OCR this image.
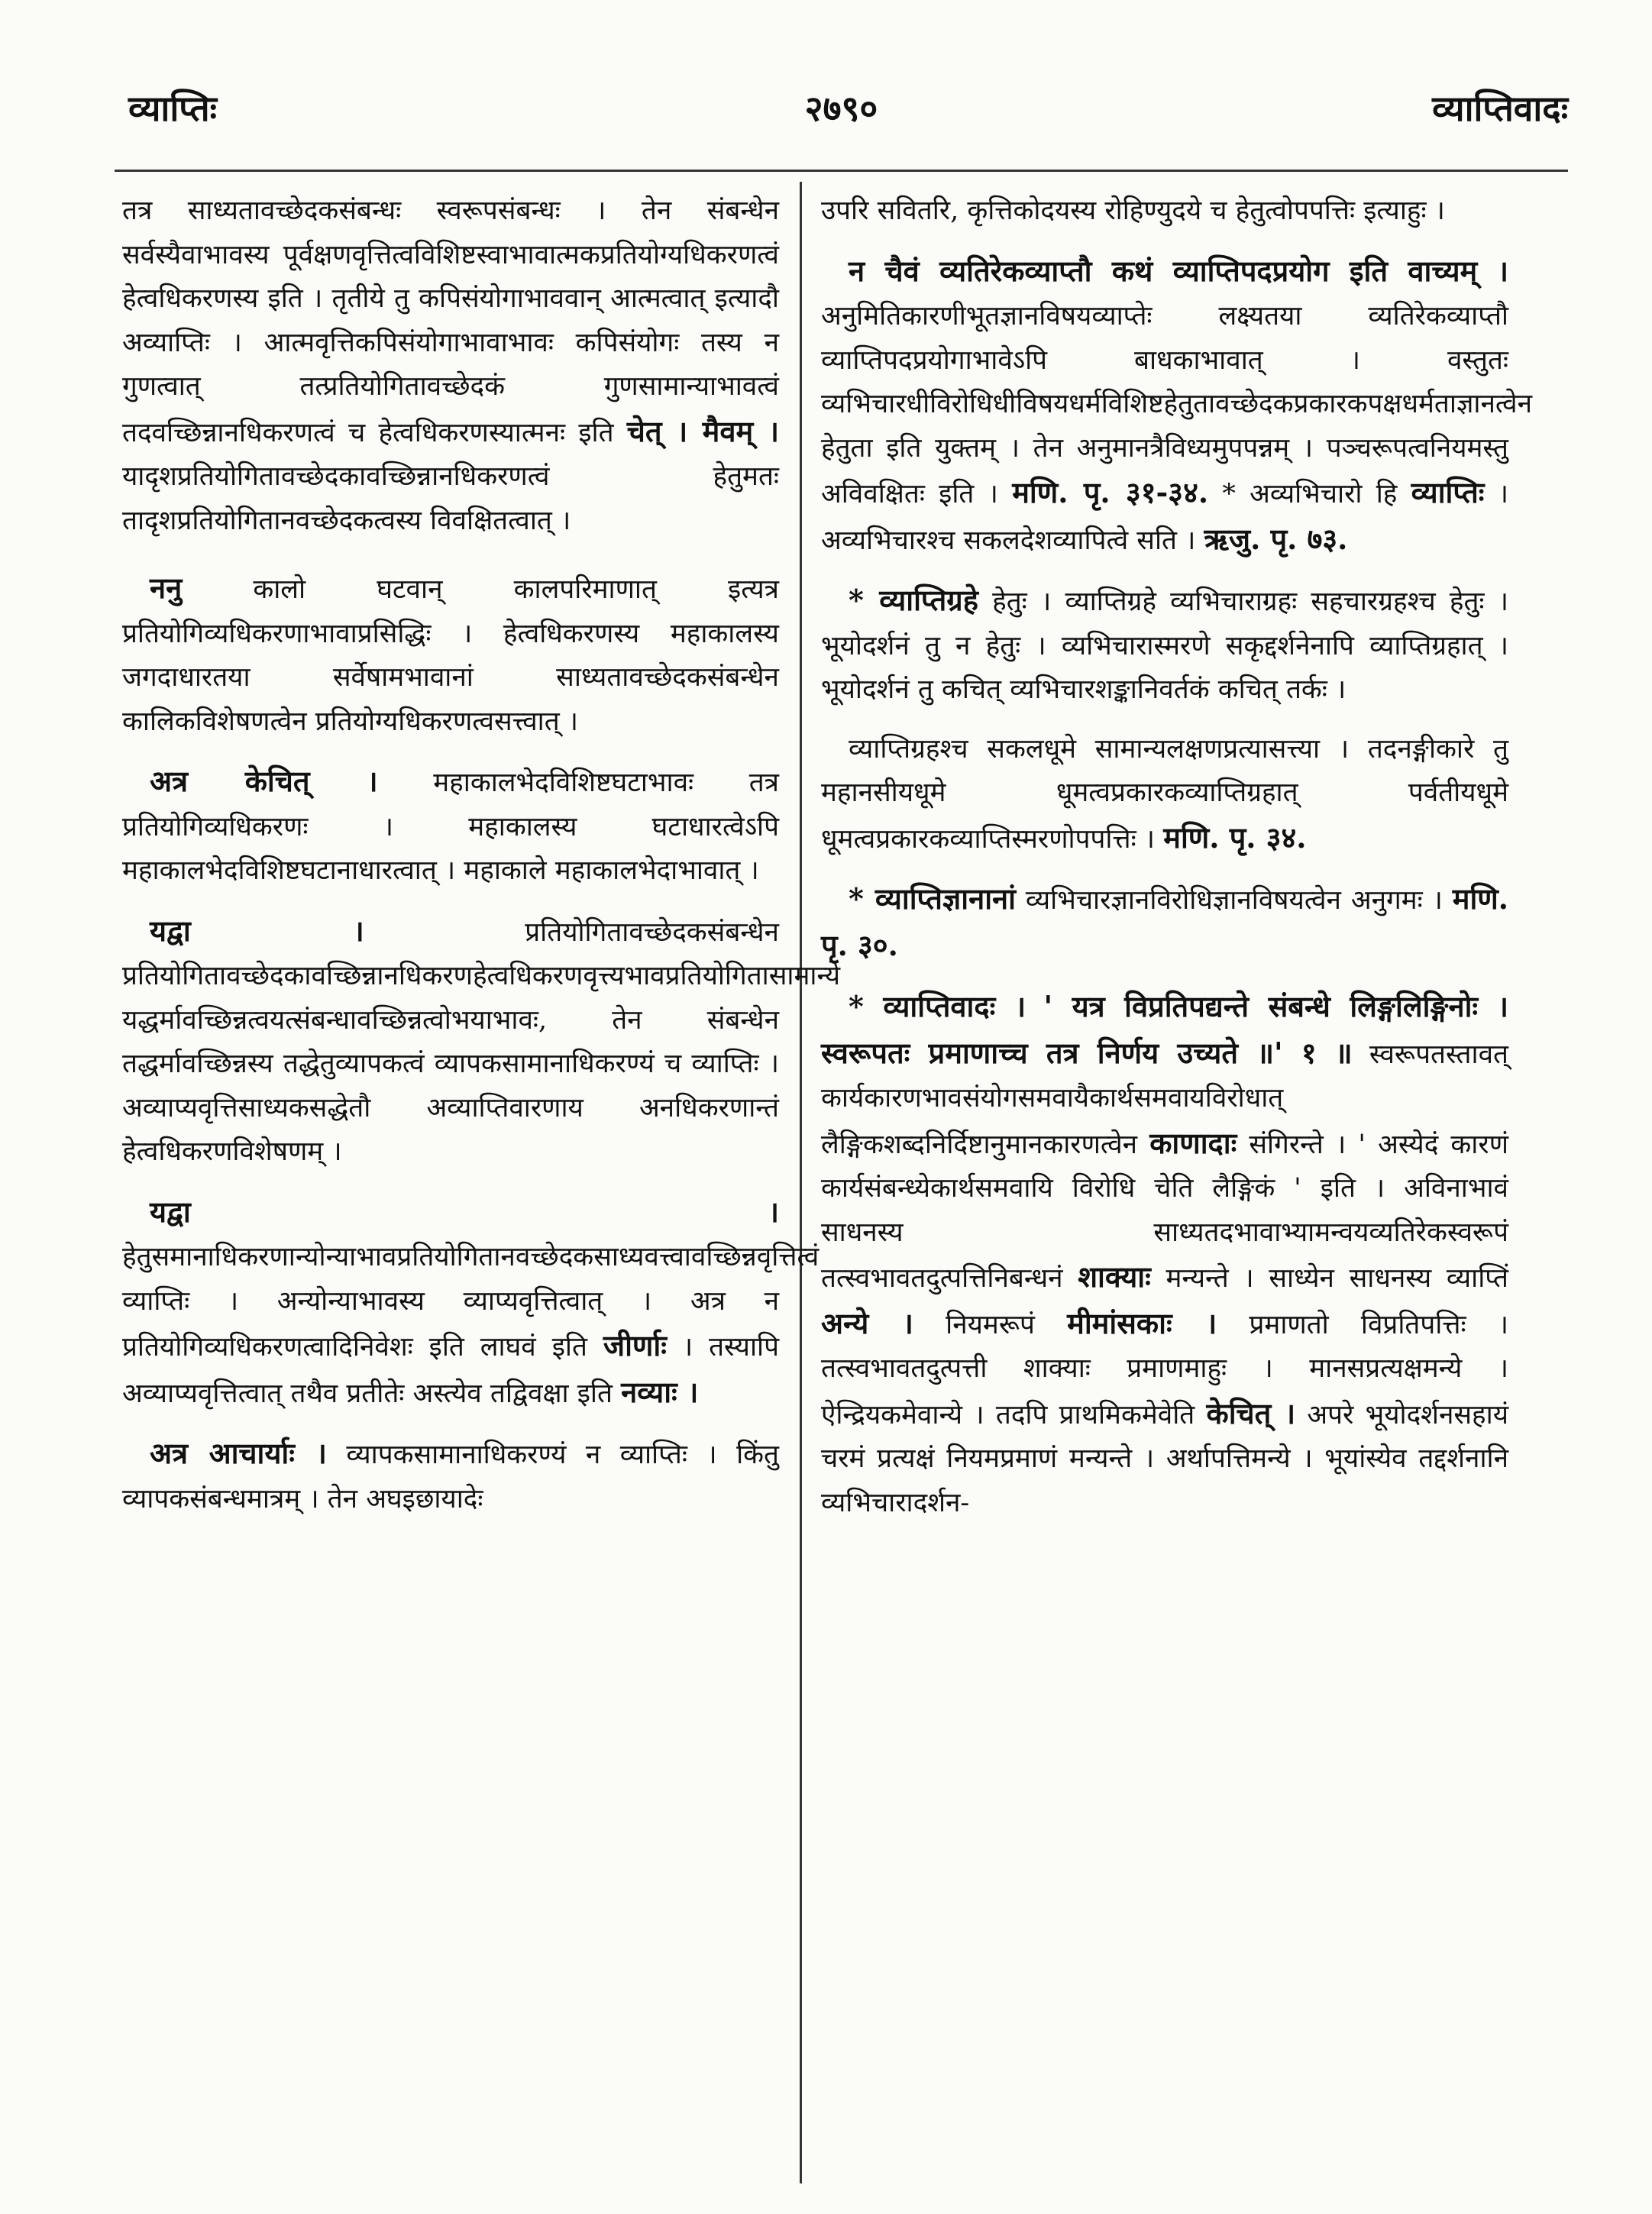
व्याप्तिः	२७९०	व्याप्तिवादः

तत्र साध्यतावच्छेदकसंबन्धः स्वरूपसंबन्धः । तेन संबन्धेन सर्वस्यैवाभावस्य पूर्वक्षणवृत्तित्वविशिष्टस्वाभावात्मकप्रतियोग्यधिकरणत्वं हेत्वधिकरणस्य इति । तृतीये तु कपिसंयोगाभाववान् आत्मत्वात् इत्यादौ अव्याप्तिः । आत्मवृत्तिकपिसंयोगाभावाभावः कपिसंयोगः तस्य न गुणत्वात् तत्प्रतियोगितावच्छेदकं गुणसामान्याभावत्वं तदवच्छिन्नानधिकरणत्वं च हेत्वधिकरणस्यात्मनः इति चेत् । मैवम् । यादृशप्रतियोगितावच्छेदकावच्छिन्नानधिकरणत्वं हेतुमतः तादृशप्रतियोगितानवच्छेदकत्वस्य विवक्षितत्वात् ।

ननु	कालो घटवान् कालपरिमाणात् इत्यत्र प्रतियोगिव्यधिकरणाभावाप्रसिद्धिः । हेत्वधिकरणस्य महाकालस्य जगदाधारतया सर्वेषामभावानां साध्यतावच्छेदकसंबन्धेन कालिकविशेषणत्वेन प्रतियोग्यधिकरणत्वसत्त्वात् ।

अत्र केचित् । महाकालभेदविशिष्टघटाभावः तत्र प्रतियोगिव्यधिकरणः । महाकालस्य घटाधारत्वेऽपि महाकालभेदविशिष्टघटानाधारत्वात् । महाकाले महाकालभेदाभावात् ।

यद्वा ।	प्रतियोगितावच्छेदकसंबन्धेन प्रतियोगितावच्छेदकावच्छिन्नानधिकरणहेत्वधिकरणवृत्त्यभावप्रतियोगितासामान्ये यद्धर्मावच्छिन्नत्वयत्संबन्धावच्छिन्नत्वोभयाभावः, तेन संबन्धेन तद्धर्मावच्छिन्नस्य तद्धेतुव्यापकत्वं व्यापकसामानाधिकरण्यं च व्याप्तिः । अव्याप्यवृत्तिसाध्यकसद्धेतौ अव्याप्तिवारणाय अनधिकरणान्तं हेत्वधिकरणविशेषणम् ।

यद्वा । हेतुसमानाधिकरणान्योन्याभावप्रतियोगितानवच्छेदकसाध्यवत्त्वावच्छिन्नवृत्तित्वं व्याप्तिः । अन्योन्याभावस्य व्याप्यवृत्तित्वात् । अत्र न प्रतियोगिव्यधिकरणत्वादिनिवेशः इति लाघवं इति जीर्णाः । तस्यापि अव्याप्यवृत्तित्वात् तथैव प्रतीतेः अस्त्येव तद्विवक्षा इति नव्याः ।

अत्र आचार्याः । व्यापकसामानाधिकरण्यं न व्याप्तिः । किंतु व्यापकसंबन्धमात्रम् । तेन अघइछायादेः

उपरि सवितरि, कृत्तिकोदयस्य रोहिण्युदये च हेतुत्वोपपत्तिः इत्याहुः ।

न चैवं व्यतिरेकव्याप्तौ कथं व्याप्तिपदप्रयोग इति वाच्यम् । अनुमितिकारणीभूतज्ञानविषयव्याप्तेः लक्ष्यतया व्यतिरेकव्याप्तौ व्याप्तिपदप्रयोगाभावेऽपि बाधकाभावात् । वस्तुतः व्यभिचारधीविरोधिधीविषयधर्मविशिष्टहेतुतावच्छेदकप्रकारकपक्षधर्मताज्ञानत्वेन हेतुता इति युक्तम् । तेन अनुमानत्रैविध्यमुपपन्नम् । पञ्चरूपत्वनियमस्तु अविवक्षितः इति । मणि. पृ. ३१-३४. * अव्यभिचारो हि व्याप्तिः । अव्यभिचारश्च सकलदेशव्यापित्वे सति । ऋजु. पृ. ७३.

* व्याप्तिग्रहे हेतुः । व्याप्तिग्रहे व्यभिचाराग्रहः सहचारग्रहश्च हेतुः । भूयोदर्शनं तु न हेतुः । व्यभिचारास्मरणे सकृद्दर्शनेनापि व्याप्तिग्रहात् । भूयोदर्शनं तु कचित् व्यभिचारशङ्कानिवर्तकं कचित् तर्कः ।

व्याप्तिग्रहश्च सकलधूमे सामान्यलक्षणप्रत्यासत्त्या । तदनङ्गीकारे तु महानसीयधूमे धूमत्वप्रकारकव्याप्तिग्रहात् पर्वतीयधूमे धूमत्वप्रकारकव्याप्तिस्मरणोपपत्तिः । मणि. पृ. ३४.

* व्याप्तिज्ञानानां व्यभिचारज्ञानविरोधिज्ञानविषयत्वेन अनुगमः । मणि. पृ. ३०.

* व्याप्तिवादः । ' यत्र विप्रतिपद्यन्ते संबन्धे लिङ्गलिङ्गिनोः । स्वरूपतः प्रमाणाच्च तत्र निर्णय उच्यते ॥' १ ॥ स्वरूपतस्तावत् कार्यकारणभावसंयोगसमवायैकार्थसमवायविरोधात् लैङ्गिकशब्दनिर्दिष्टानुमानकारणत्वेन काणादाः संगिरन्ते । ' अस्येदं कारणं कार्यसंबन्ध्येकार्थसमवायि विरोधि चेति लैङ्गिकं ' इति । अविनाभावं साधनस्य साध्यतदभावाभ्यामन्वयव्यतिरेकस्वरूपं तत्स्वभावतदुत्पत्तिनिबन्धनं शाक्याः मन्यन्ते । साध्येन साधनस्य व्याप्तिं अन्ये । नियमरूपं मीमांसकाः । प्रमाणतो विप्रतिपत्तिः । तत्स्वभावतदुत्पत्ती शाक्याः प्रमाणमाहुः । मानसप्रत्यक्षमन्ये । ऐन्द्रियकमेवान्ये । तदपि प्राथमिकमेवेति केचित् । अपरे भूयोदर्शनसहायं चरमं प्रत्यक्षं नियमप्रमाणं मन्यन्ते । अर्थापत्तिमन्ये । भूयांस्येव तद्दर्शनानि व्यभिचारादर्शन-
